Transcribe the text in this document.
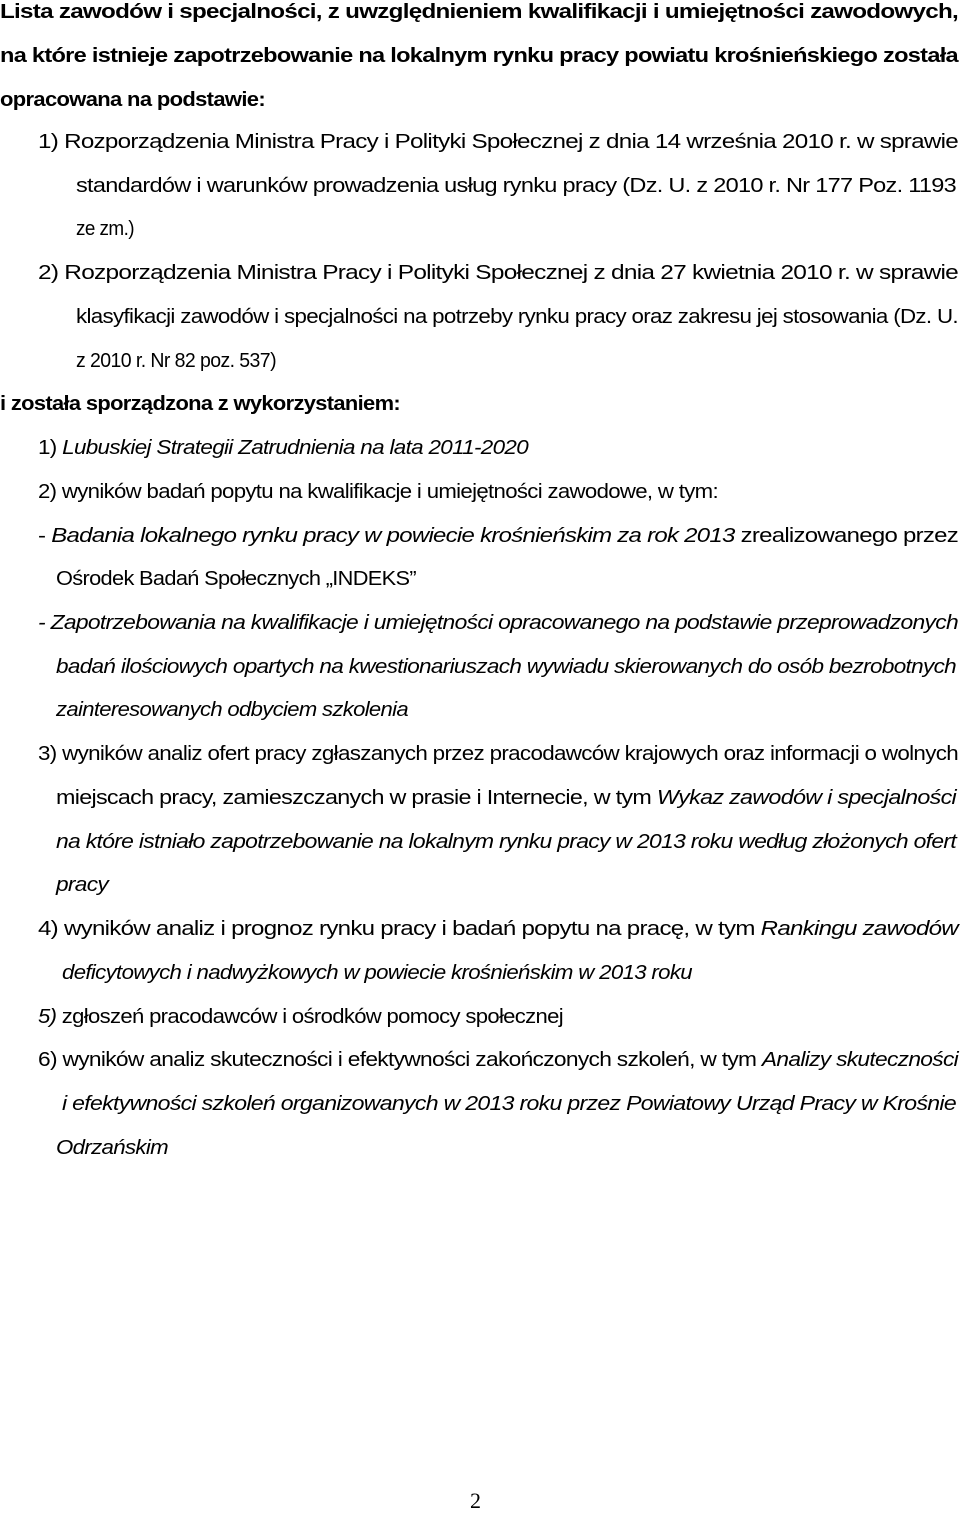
Lista zawodów i specjalności, z uwzględnieniem kwalifikacji i umiejętności zawodowych,
na które istnieje zapotrzebowanie na lokalnym rynku pracy powiatu krośnieńskiego została
opracowana na podstawie:
1) Rozporządzenia Ministra Pracy i Polityki Społecznej z dnia 14 września 2010 r. w sprawie
standardów i warunków prowadzenia usług rynku pracy (Dz. U. z 2010 r. Nr 177 Poz. 1193
ze zm.)
2) Rozporządzenia Ministra Pracy i Polityki Społecznej z dnia 27 kwietnia 2010 r. w sprawie
klasyfikacji zawodów i specjalności na potrzeby rynku pracy oraz zakresu jej stosowania (Dz. U.
z 2010 r. Nr 82 poz. 537)
i została sporządzona z wykorzystaniem:
1) Lubuskiej Strategii Zatrudnienia na lata 2011-2020
2) wyników badań popytu na kwalifikacje i umiejętności zawodowe, w tym:
- Badania lokalnego rynku pracy w powiecie krośnieńskim za rok 2013 zrealizowanego przez
Ośrodek Badań Społecznych „INDEKS”
- Zapotrzebowania na kwalifikacje i umiejętności opracowanego na podstawie przeprowadzonych
badań ilościowych opartych na kwestionariuszach wywiadu skierowanych do osób bezrobotnych
zainteresowanych odbyciem szkolenia
3) wyników analiz ofert pracy zgłaszanych przez pracodawców krajowych oraz informacji o wolnych
miejscach pracy, zamieszczanych w prasie i Internecie, w tym Wykaz zawodów i specjalności
na które istniało zapotrzebowanie na lokalnym rynku pracy w 2013 roku według złożonych ofert
pracy
4) wyników analiz i prognoz rynku pracy i badań popytu na pracę, w tym Rankingu zawodów
deficytowych i nadwyżkowych w powiecie krośnieńskim w 2013 roku
5) zgłoszeń pracodawców i ośrodków pomocy społecznej
6) wyników analiz skuteczności i efektywności zakończonych szkoleń, w tym Analizy skuteczności
i efektywności szkoleń organizowanych w 2013 roku przez Powiatowy Urząd Pracy w Krośnie
Odrzańskim
2
